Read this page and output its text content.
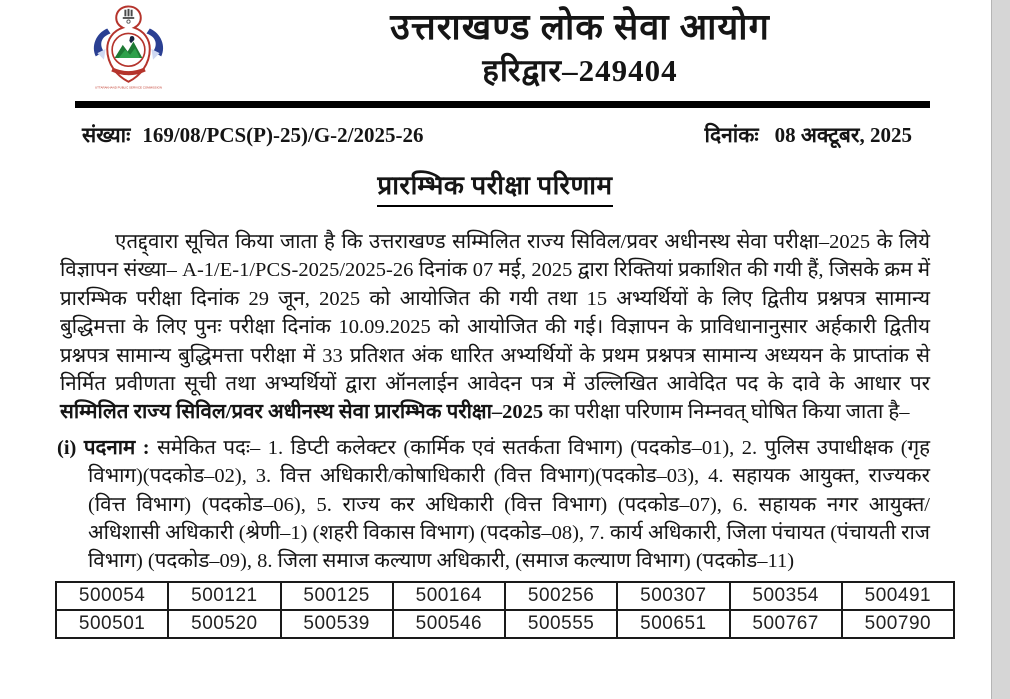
UTTARAKHAND PUBLIC SERVICE COMMISSION
उत्तराखण्ड लोक सेवा आयोग
हरिद्वार–249404
संख्याः 169/08/PCS(P)-25)/G-2/2025-26	दिनांकः 08 अक्टूबर, 2025
प्रारम्भिक परीक्षा परिणाम

एतद्द्वारा सूचित किया जाता है कि उत्तराखण्ड सम्मिलित राज्य सिविल/प्रवर अधीनस्थ सेवा परीक्षा–2025 के लिये विज्ञापन संख्या– A-1/E-1/PCS-2025/2025-26 दिनांक 07 मई, 2025 द्वारा रिक्तियां प्रकाशित की गयी हैं, जिसके क्रम में प्रारम्भिक परीक्षा दिनांक 29 जून, 2025 को आयोजित की गयी तथा 15 अभ्यर्थियों के लिए द्वितीय प्रश्नपत्र सामान्य बुद्धिमत्ता के लिए पुनः परीक्षा दिनांक 10.09.2025 को आयोजित की गई। विज्ञापन के प्राविधानानुसार अर्हकारी द्वितीय प्रश्नपत्र सामान्य बुद्धिमत्ता परीक्षा में 33 प्रतिशत अंक धारित अभ्यर्थियों के प्रथम प्रश्नपत्र सामान्य अध्ययन के प्राप्तांक से निर्मित प्रवीणता सूची तथा अभ्यर्थियों द्वारा ऑनलाईन आवेदन पत्र में उल्लिखित आवेदित पद के दावे के आधार पर सम्मिलित राज्य सिविल/प्रवर अधीनस्थ सेवा प्रारम्भिक परीक्षा–2025 का परीक्षा परिणाम निम्नवत् घोषित किया जाता है–

(i) पदनाम : समेकित पदः– 1. डिप्टी कलेक्टर (कार्मिक एवं सतर्कता विभाग) (पदकोड–01), 2. पुलिस उपाधीक्षक (गृह विभाग)(पदकोड–02), 3. वित्त अधिकारी/कोषाधिकारी (वित्त विभाग)(पदकोड–03), 4. सहायक आयुक्त, राज्यकर (वित्त विभाग) (पदकोड–06), 5. राज्य कर अधिकारी (वित्त विभाग) (पदकोड–07), 6. सहायक नगर आयुक्त/अधिशासी अधिकारी (श्रेणी–1) (शहरी विकास विभाग) (पदकोड–08), 7. कार्य अधिकारी, जिला पंचायत (पंचायती राज विभाग) (पदकोड–09), 8. जिला समाज कल्याण अधिकारी, (समाज कल्याण विभाग) (पदकोड–11)

500054	500121	500125	500164	500256	500307	500354	500491
500501	500520	500539	500546	500555	500651	500767	500790
